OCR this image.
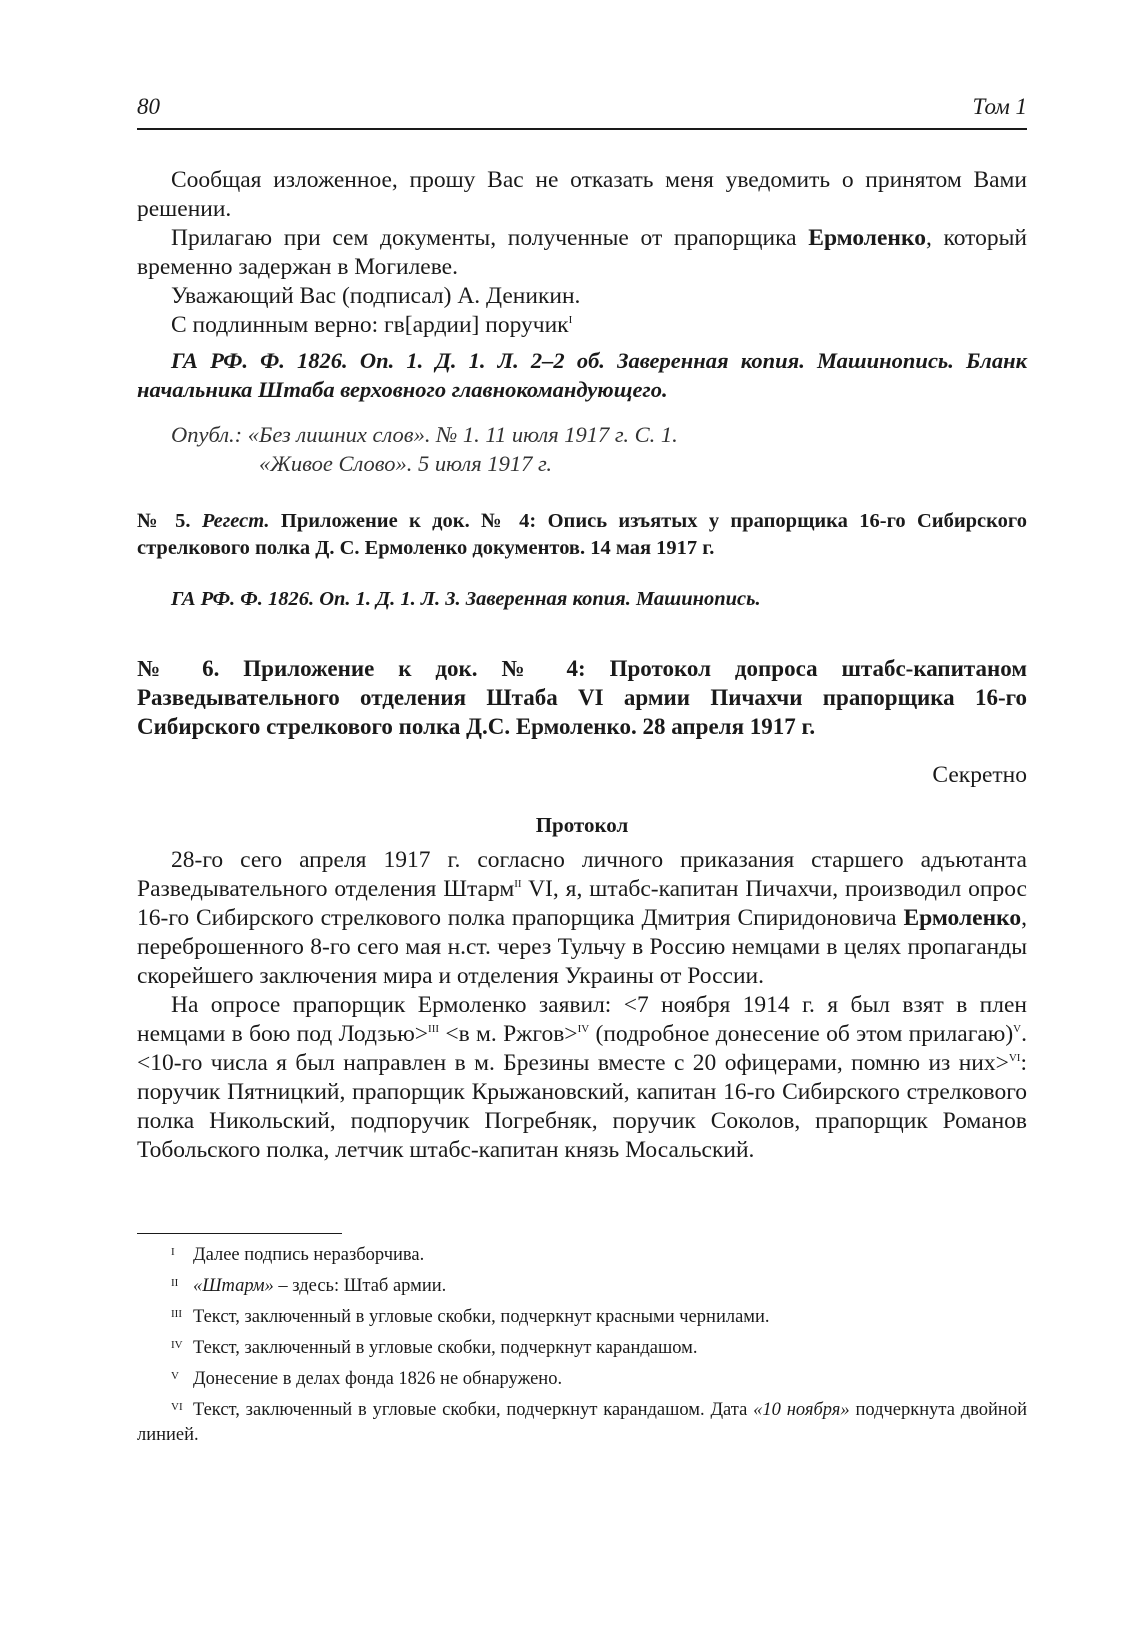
80	Том 1

Сообщая изложенное, прошу Вас не отказать меня уведомить о принятом Вами решении.

Прилагаю при сем документы, полученные от прапорщика Ермоленко, который временно задержан в Могилеве.

Уважающий Вас (подписал) А. Деникин.

С подлинным верно: гв[ардии] поручик$^I$

ГА РФ. Ф. 1826. Оп. 1. Д. 1. Л. 2–2 об. Заверенная копия. Машинопись. Бланк начальника Штаба верховного главнокомандующего.

Опубл.: «Без лишних слов». № 1. 11 июля 1917 г. С. 1.

«Живое Слово». 5 июля 1917 г.

№ 5. Регест. Приложение к док. № 4: Опись изъятых у прапорщика 16-го Сибирского стрелкового полка Д. С. Ермоленко документов. 14 мая 1917 г.

ГА РФ. Ф. 1826. Оп. 1. Д. 1. Л. 3. Заверенная копия. Машинопись.

№ 6. Приложение к док. № 4: Протокол допроса штабс-капитаном Разведывательного отделения Штаба VI армии Пичахчи прапорщика 16-го Сибирского стрелкового полка Д.С. Ермоленко. 28 апреля 1917 г.

Секретно

Протокол

28-го сего апреля 1917 г. согласно личного приказания старшего адъютанта Разведывательного отделения Штарм$^{II}$ VI, я, штабс-капитан Пичахчи, производил опрос 16-го Сибирского стрелкового полка прапорщика Дмитрия Спиридоновича Ермоленко, переброшенного 8-го сего мая н.ст. через Тульчу в Россию немцами в целях пропаганды скорейшего заключения мира и отделения Украины от России.

На опросе прапорщик Ермоленко заявил: <7 ноября 1914 г. я был взят в плен немцами в бою под Лодзью>$^{III}$ <в м. Ржгов>$^{IV}$ (подробное донесение об этом прилагаю)$^V$. <10-го числа я был направлен в м. Брезины вместе с 20 офицерами, помню из них>$^{VI}$: поручик Пятницкий, прапорщик Крыжановский, капитан 16-го Сибирского стрелкового полка Никольский, подпоручик Погребняк, поручик Соколов, прапорщик Романов Тобольского полка, летчик штабс-капитан князь Мосальский.

I Далее подпись неразборчива.
II «Штарм» – здесь: Штаб армии.
III Текст, заключенный в угловые скобки, подчеркнут красными чернилами.
IV Текст, заключенный в угловые скобки, подчеркнут карандашом.
V Донесение в делах фонда 1826 не обнаружено.
VI Текст, заключенный в угловые скобки, подчеркнут карандашом. Дата «10 ноября» подчеркнута двойной линией.
